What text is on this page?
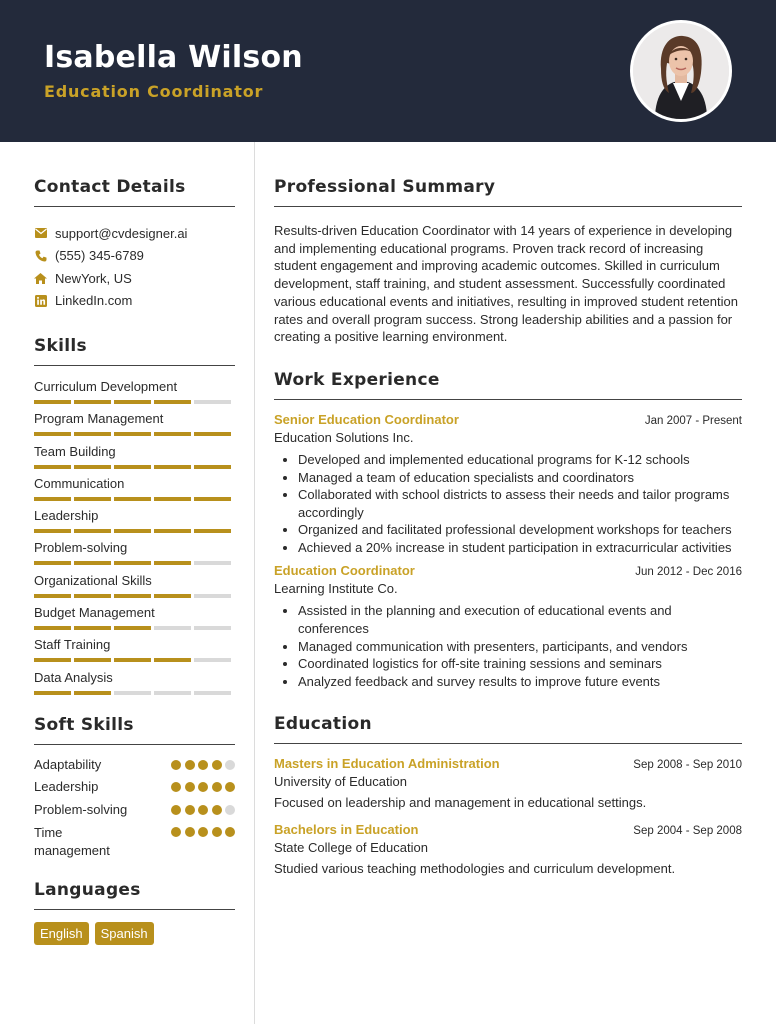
Isabella Wilson
Education Coordinator
Contact Details
support@cvdesigner.ai
(555) 345-6789
NewYork, US
LinkedIn.com
Skills
Curriculum Development
Program Management
Team Building
Communication
Leadership
Problem-solving
Organizational Skills
Budget Management
Staff Training
Data Analysis
Soft Skills
Adaptability
Leadership
Problem-solving
Time management
Languages
English	Spanish
Professional Summary
Results-driven Education Coordinator with 14 years of experience in developing and implementing educational programs. Proven track record of increasing student engagement and improving academic outcomes. Skilled in curriculum development, staff training, and student assessment. Successfully coordinated various educational events and initiatives, resulting in improved student retention rates and overall program success. Strong leadership abilities and a passion for creating a positive learning environment.
Work Experience
Senior Education Coordinator	Jan 2007 - Present
Education Solutions Inc.
• Developed and implemented educational programs for K-12 schools
• Managed a team of education specialists and coordinators
• Collaborated with school districts to assess their needs and tailor programs accordingly
• Organized and facilitated professional development workshops for teachers
• Achieved a 20% increase in student participation in extracurricular activities
Education Coordinator	Jun 2012 - Dec 2016
Learning Institute Co.
• Assisted in the planning and execution of educational events and conferences
• Managed communication with presenters, participants, and vendors
• Coordinated logistics for off-site training sessions and seminars
• Analyzed feedback and survey results to improve future events
Education
Masters in Education Administration	Sep 2008 - Sep 2010
University of Education
Focused on leadership and management in educational settings.
Bachelors in Education	Sep 2004 - Sep 2008
State College of Education
Studied various teaching methodologies and curriculum development.
